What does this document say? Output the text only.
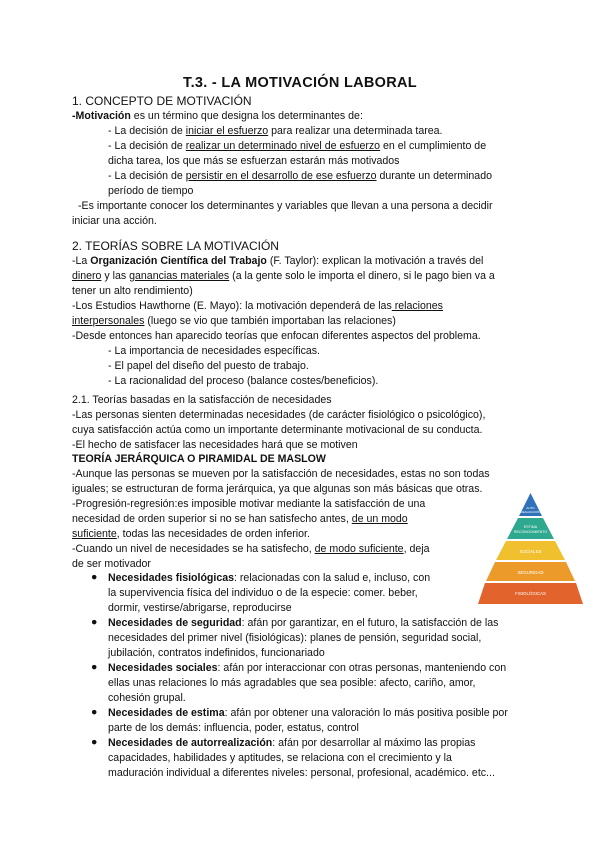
T.3. - LA MOTIVACIÓN LABORAL
1. CONCEPTO DE MOTIVACIÓN
-Motivación es un término que designa los determinantes de:
- La decisión de iniciar el esfuerzo para realizar una determinada tarea.
- La decisión de realizar un determinado nivel de esfuerzo en el cumplimiento de
dicha tarea, los que más se esfuerzan estarán más motivados
- La decisión de persistir en el desarrollo de ese esfuerzo durante un determinado
período de tiempo
-Es importante conocer los determinantes y variables que llevan a una persona a decidir
iniciar una acción.
2. TEORÍAS SOBRE LA MOTIVACIÓN
-La Organización Científica del Trabajo (F. Taylor): explican la motivación a través del
dinero y las ganancias materiales (a la gente solo le importa el dinero, si le pago bien va a
tener un alto rendimiento)
-Los Estudios Hawthorne (E. Mayo): la motivación dependerá de las relaciones
interpersonales (luego se vio que también importaban las relaciones)
-Desde entonces han aparecido teorías que enfocan diferentes aspectos del problema.
- La importancia de necesidades específicas.
- El papel del diseño del puesto de trabajo.
- La racionalidad del proceso (balance costes/beneficios).
2.1. Teorías basadas en la satisfacción de necesidades
-Las personas sienten determinadas necesidades (de carácter fisiológico o psicológico),
cuya satisfacción actúa como un importante determinante motivacional de su conducta.
-El hecho de satisfacer las necesidades hará que se motiven
TEORÍA JERÁRQUICA O PIRAMIDAL DE MASLOW
-Aunque las personas se mueven por la satisfacción de necesidades, estas no son todas
iguales; se estructuran de forma jerárquica, ya que algunas son más básicas que otras.
-Progresión-regresión:es imposible motivar mediante la satisfacción de una
necesidad de orden superior si no se han satisfecho antes, de un modo
suficiente, todas las necesidades de orden inferior.
-Cuando un nivel de necesidades se ha satisfecho, de modo suficiente, deja
de ser motivador
● Necesidades fisiológicas: relacionadas con la salud e, incluso, con
la supervivencia física del individuo o de la especie: comer. beber,
dormir, vestirse/abrigarse, reproducirse
● Necesidades de seguridad: afán por garantizar, en el futuro, la satisfacción de las
necesidades del primer nivel (fisiológicas): planes de pensión, seguridad social,
jubilación, contratos indefinidos, funcionariado
● Necesidades sociales: afán por interaccionar con otras personas, manteniendo con
ellas unas relaciones lo más agradables que sea posible: afecto, cariño, amor,
cohesión grupal.
● Necesidades de estima: afán por obtener una valoración lo más positiva posible por
parte de los demás: influencia, poder, estatus, control
● Necesidades de autorrealización: afán por desarrollar al máximo las propias
capacidades, habilidades y aptitudes, se relaciona con el crecimiento y la
maduración individual a diferentes niveles: personal, profesional, académico. etc...
AUTO
REALIZACIÓN
ESTIMA
RECONOCIMIENTO
SOCIALES
SEGURIDAD
FISIOLÓGICAS
